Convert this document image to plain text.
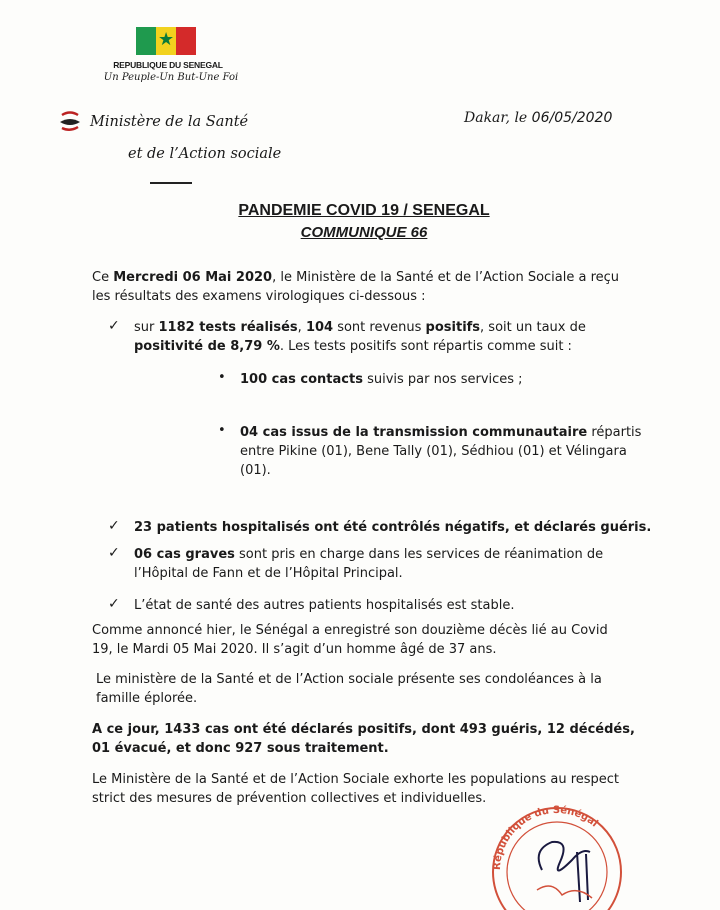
★
REPUBLIQUE DU SENEGAL
Un Peuple-Un But-Une Foi
Ministère de la Santé
et de l’Action sociale
Dakar, le 06/05/2020
PANDEMIE COVID 19 / SENEGAL
COMMUNIQUE 66
Ce Mercredi 06 Mai 2020, le Ministère de la Santé et de l’Action Sociale a reçu
les résultats des examens virologiques ci-dessous :
✓ sur 1182 tests réalisés, 104 sont revenus positifs, soit un taux de
positivité de 8,79 %. Les tests positifs sont répartis comme suit :
• 100 cas contacts suivis par nos services ;
• 04 cas issus de la transmission communautaire répartis
entre Pikine (01), Bene Tally (01), Sédhiou (01) et Vélingara
(01).
✓ 23 patients hospitalisés ont été contrôlés négatifs, et déclarés guéris.
✓ 06 cas graves sont pris en charge dans les services de réanimation de
l’Hôpital de Fann et de l’Hôpital Principal.
✓ L’état de santé des autres patients hospitalisés est stable.
Comme annoncé hier, le Sénégal a enregistré son douzième décès lié au Covid
19, le Mardi 05 Mai 2020. Il s’agit d’un homme âgé de 37 ans.
Le ministère de la Santé et de l’Action sociale présente ses condoléances à la
famille éplorée.
A ce jour, 1433 cas ont été déclarés positifs, dont 493 guéris, 12 décédés,
01 évacué, et donc 927 sous traitement.
Le Ministère de la Santé et de l’Action Sociale exhorte les populations au respect
strict des mesures de prévention collectives et individuelles.
République du Sénégal
